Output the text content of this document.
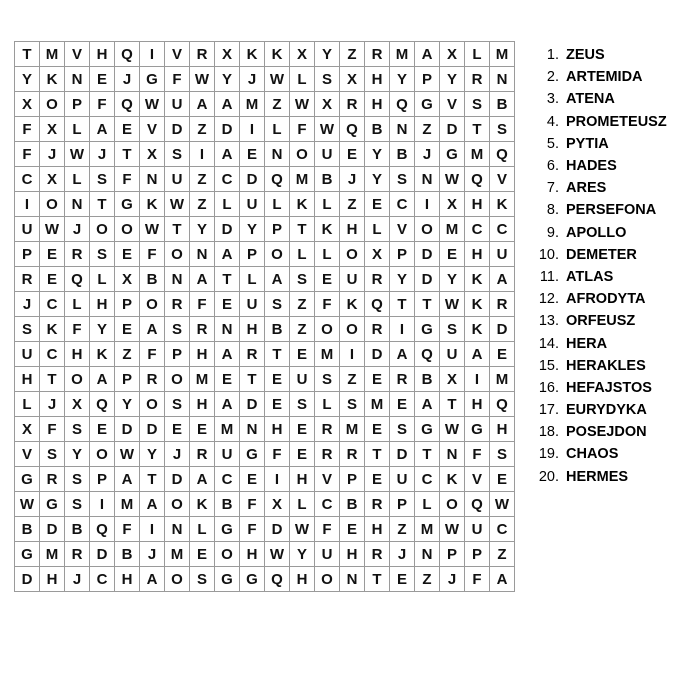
T M V H Q	I	V R X K K X Y	Z	R M A X	L M
Y K N E	J G F W Y	J W L	S X H Y P Y R N
X O P	F Q W U A A M Z W X R H Q G V S B
F	X	L	A E V D Z	D	I	L	F W Q B N Z	D T	S
F	J W J	T	X S	I	A E N O U E Y B	J G M Q
C X	L	S	F	N U Z	C D Q M B	J	Y S N W Q V
I	O N T G K W Z	L	U L	K L	Z	E C	I	X H K
U W J O O W T	Y D Y P	T	K H L	V O M C C
P E R S E	F O N A P O L	L O X P D E H U
R E Q L	X B N A T	L	A S E U R Y D Y K A
J	C L	H P O R F	E U S	Z	F	K Q T	T W K R
S K F	Y E A S R N H B Z O O R	I	G S K D
U C H K Z	F	P H A R T	E M	I	D A Q U A E
H T O A P R O M E	T	E U S	Z	E R B X	I	M
L	J	X Q Y O S H A D E S	L	S M E A T	H Q
X	F	S E D D E E M N H E R M E S G W G H
V S Y O W Y	J	R U G F	E R R T	D T	N F	S
G R S P A T	D A C E	I	H V P E U C K V E
W G S	I	M A O K B F	X	L	C B R P	L O Q W
B D B Q F	I	N L G F	D W F	E H Z M W U C
G M R D B	J M E O H W Y U H R	J	N P P	Z
D H	J	C H A O S G G Q H O N T	E	Z	J	F	A
1. ZEUS
2. ARTEMIDA
3. ATENA
4. PROMETEUSZ
5. PYTIA
6. HADES
7. ARES
8. PERSEFONA
9. APOLLO
10. DEMETER
11. ATLAS
12. AFRODYTA
13. ORFEUSZ
14. HERA
15. HERAKLES
16. HEFAJSTOS
17. EURYDYKA
18. POSEJDON
19. CHAOS
20. HERMES
